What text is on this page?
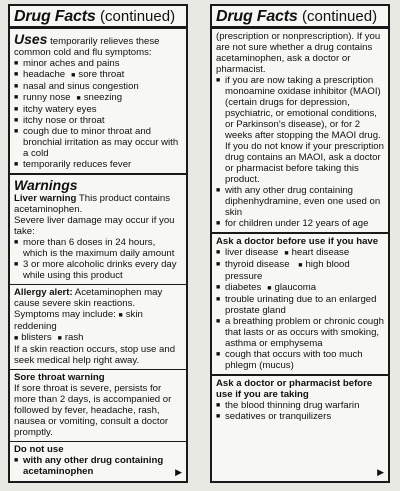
Drug Facts (continued)

Uses temporarily relieves these common cold and flu symptoms:

■ minor aches and pains
■ headache ■ sore throat
■ nasal and sinus congestion
■ runny nose ■ sneezing
■ itchy watery eyes
■ itchy nose or throat
■ cough due to minor throat and bronchial irritation as may occur with a cold
■ temporarily reduces fever

Warnings

Liver warning This product contains acetaminophen.

Severe liver damage may occur if you take:

■ more than 6 doses in 24 hours, which is the maximum daily amount
■ 3 or more alcoholic drinks every day while using this product

Allergy alert: Acetaminophen may cause severe skin reactions. Symptoms may include: ■ skin reddening

■ blisters ■ rash

If a skin reaction occurs, stop use and seek medical help right away.

Sore throat warning

If sore throat is severe, persists for more than 2 days, is accompanied or followed by fever, headache, rash, nausea or vomiting, consult a doctor promptly.

Do not use

■ with any other drug containing acetaminophen	▶
Drug Facts (continued)

(prescription or nonprescription). If you are not sure whether a drug contains acetaminophen, ask a doctor or pharmacist.

■ if you are now taking a prescription monoamine oxidase inhibitor (MAOI) (certain drugs for depression, psychiatric, or emotional conditions, or Parkinson's disease), or for 2 weeks after stopping the MAOI drug. If you do not know if your prescription drug contains an MAOI, ask a doctor or pharmacist before taking this product.
■ with any other drug containing diphenhydramine, even one used on skin
■ for children under 12 years of age

Ask a doctor before use if you have

■ liver disease ■ heart disease
■ thyroid disease ■ high blood pressure
■ diabetes ■ glaucoma
■ trouble urinating due to an enlarged prostate gland
■ a breathing problem or chronic cough that lasts or as occurs with smoking, asthma or emphysema
■ cough that occurs with too much phlegm (mucus)

Ask a doctor or pharmacist before use if you are taking

■ the blood thinning drug warfarin
■ sedatives or tranquilizers
▶
